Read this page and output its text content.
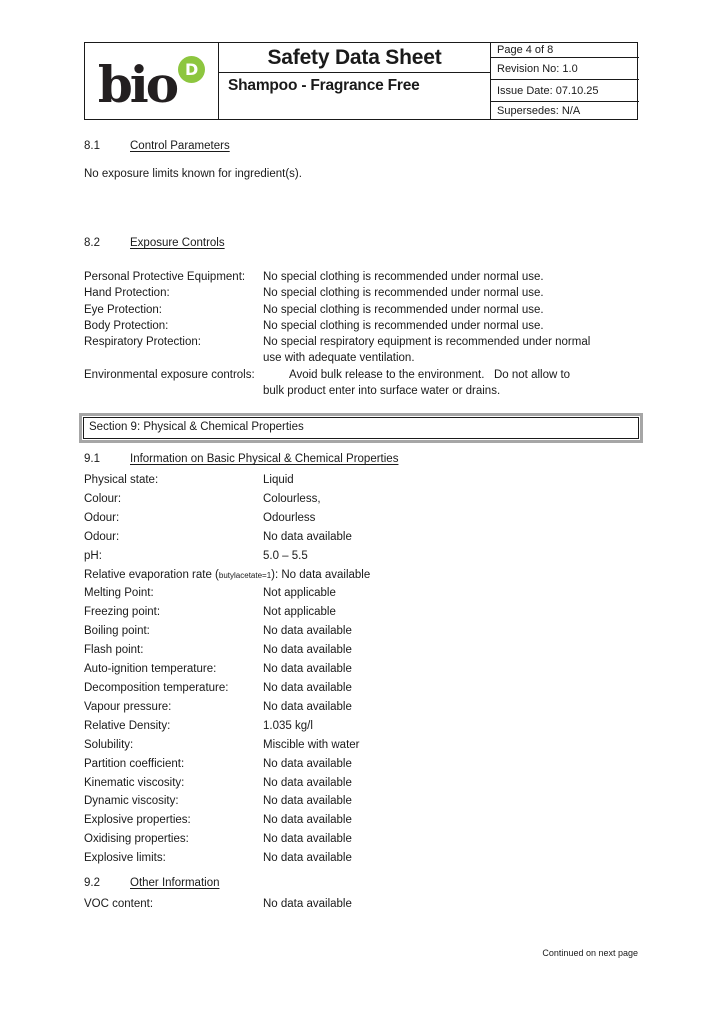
bio D
Safety Data Sheet
Shampoo - Fragrance Free
Page 4 of 8
Revision No: 1.0
Issue Date: 07.10.25
Supersedes: N/A
8.1	Control Parameters
No exposure limits known for ingredient(s).
8.2	Exposure Controls
Personal Protective Equipment:	No special clothing is recommended under normal use.
Hand Protection:	No special clothing is recommended under normal use.
Eye Protection:	No special clothing is recommended under normal use.
Body Protection:	No special clothing is recommended under normal use.
Respiratory Protection:	No special respiratory equipment is recommended under normal
use with adequate ventilation.
Environmental exposure controls:	Avoid bulk release to the environment.   Do not allow to
bulk product enter into surface water or drains.
Section 9: Physical & Chemical Properties
9.1	Information on Basic Physical & Chemical Properties
Physical state:	Liquid
Colour:	Colourless,
Odour:	Odourless
Odour:	No data available
pH:	5.0 – 5.5
Relative evaporation rate ( butylacetate=1 ): No data available
Melting Point:	Not applicable
Freezing point:	Not applicable
Boiling point:	No data available
Flash point:	No data available
Auto-ignition temperature:	No data available
Decomposition temperature:	No data available
Vapour pressure:	No data available
Relative Density:	1.035 kg/l
Solubility:	Miscible with water
Partition coefficient:	No data available
Kinematic viscosity:	No data available
Dynamic viscosity:	No data available
Explosive properties:	No data available
Oxidising properties:	No data available
Explosive limits:	No data available
9.2	Other Information
VOC content:	No data available
Continued on next page
